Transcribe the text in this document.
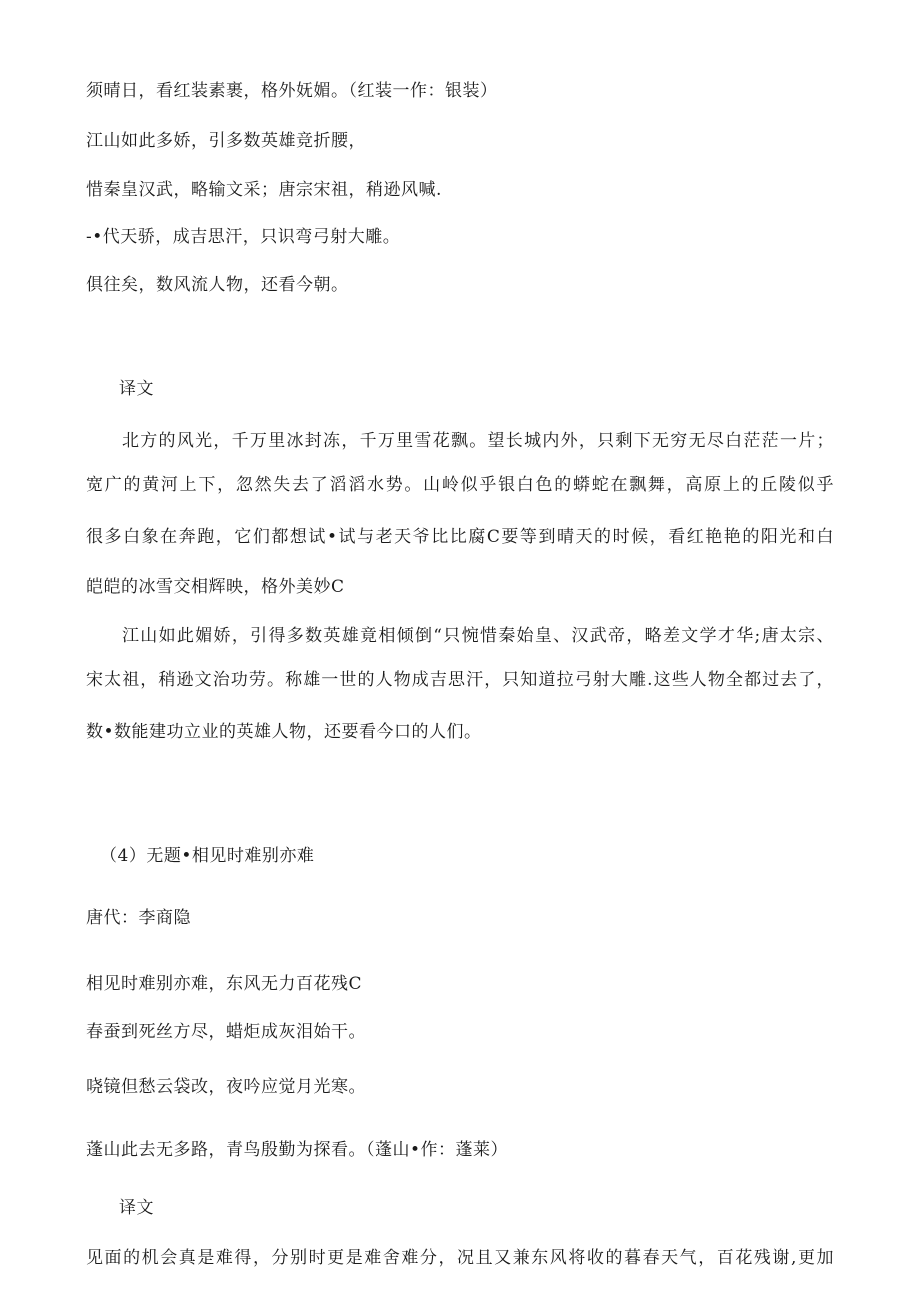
须晴日，看红装素裹，格外妩媚。（红装一作：银装）
江山如此多娇，引多数英雄竞折腰，
惜秦皇汉武，略输文采；唐宗宋祖，稍逊风喊.
-•代天骄，成吉思汗，只识弯弓射大雕。
俱往矣，数风流人物，还看今朝。
译文
北方的风光，千万里冰封冻，千万里雪花飘。望长城内外，只剩下无穷无尽白茫茫一片；
宽广的黄河上下，忽然失去了滔滔水势。山岭似乎银白色的蟒蛇在飘舞，高原上的丘陵似乎
很多白象在奔跑，它们都想试•试与老天爷比比腐C要等到晴天的时候，看红艳艳的阳光和白
皑皑的冰雪交相辉映，格外美妙C
江山如此媚娇，引得多数英雄竟相倾倒“只惋惜秦始皇、汉武帝，略差文学才华;唐太宗、
宋太祖，稍逊文治功劳。称雄一世的人物成吉思汗，只知道拉弓射大雕.这些人物全都过去了，
数•数能建功立业的英雄人物，还要看今口的人们。
（4）无题•相见时难别亦难
唐代：李商隐
相见时难别亦难，东风无力百花残C
春蚕到死丝方尽，蜡炬成灰泪始干。
哓镜但愁云袋改，夜吟应觉月光寒。
蓬山此去无多路，青鸟殷勤为探看。（蓬山•作：蓬莱）
译文
见面的机会真是难得，分别时更是难舍难分，况且又兼东风将收的暮春天气，百花残谢,更加
